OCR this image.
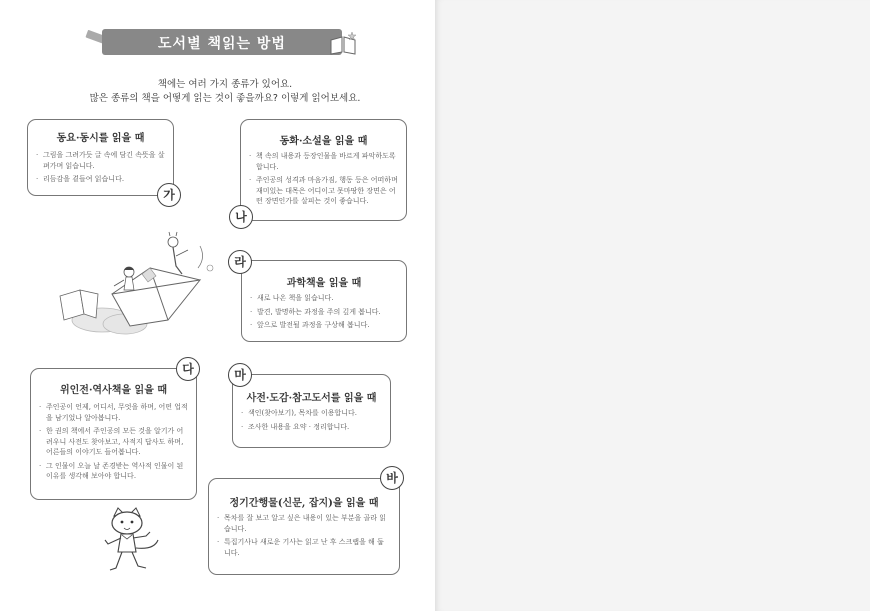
도서별 책읽는 방법
책에는 여러 가지 종류가 있어요.
많은 종류의 책을 어떻게 읽는 것이 좋을까요? 이렇게 읽어보세요.
동요·동시를 읽을 때
· 그림을 그려가듯 글 속에 담긴 속뜻을 살펴가며 읽습니다.
· 리듬감을 곁들여 읽습니다.
가
동화·소설을 읽을 때
· 책 속의 내용과 등장인물을 바르게 파악하도록 합니다.
· 주인공의 성격과 마음가짐, 행동 등은 어떠하며 재미있는 대목은 어디이고 못마땅한 장면은 어떤 장면인가를 살피는 것이 좋습니다.
나
과학책을 읽을 때
· 새로 나온 책을 읽습니다.
· 발견, 발명하는 과정을 주의 깊게 봅니다.
· 앞으로 발전될 과정을 구상해 봅니다.
라
위인전·역사책을 읽을 때
· 주인공이 언제, 어디서, 무엇을 하며, 어떤 업적을 남기었나 알아봅니다.
· 한 권의 책에서 주인공의 모든 것을 알기가 어려우니 사전도 찾아보고, 사적지 답사도 하며, 어른들의 이야기도 들어봅니다.
· 그 인물이 오늘 날 존경받는 역사적 인물이 된 이유를 생각해 보아야 합니다.
다
사전·도감·참고도서를 읽을 때
· 색인(찾아보기), 목차를 이용합니다.
· 조사한 내용을 요약 · 정리합니다.
마
정기간행물(신문, 잡지)을 읽을 때
· 목차를 잘 보고 알고 싶은 내용이 있는 부분을 골라 읽습니다.
· 특집기사나 새로운 기사는 읽고 난 후 스크랩을 해 둡니다.
바
